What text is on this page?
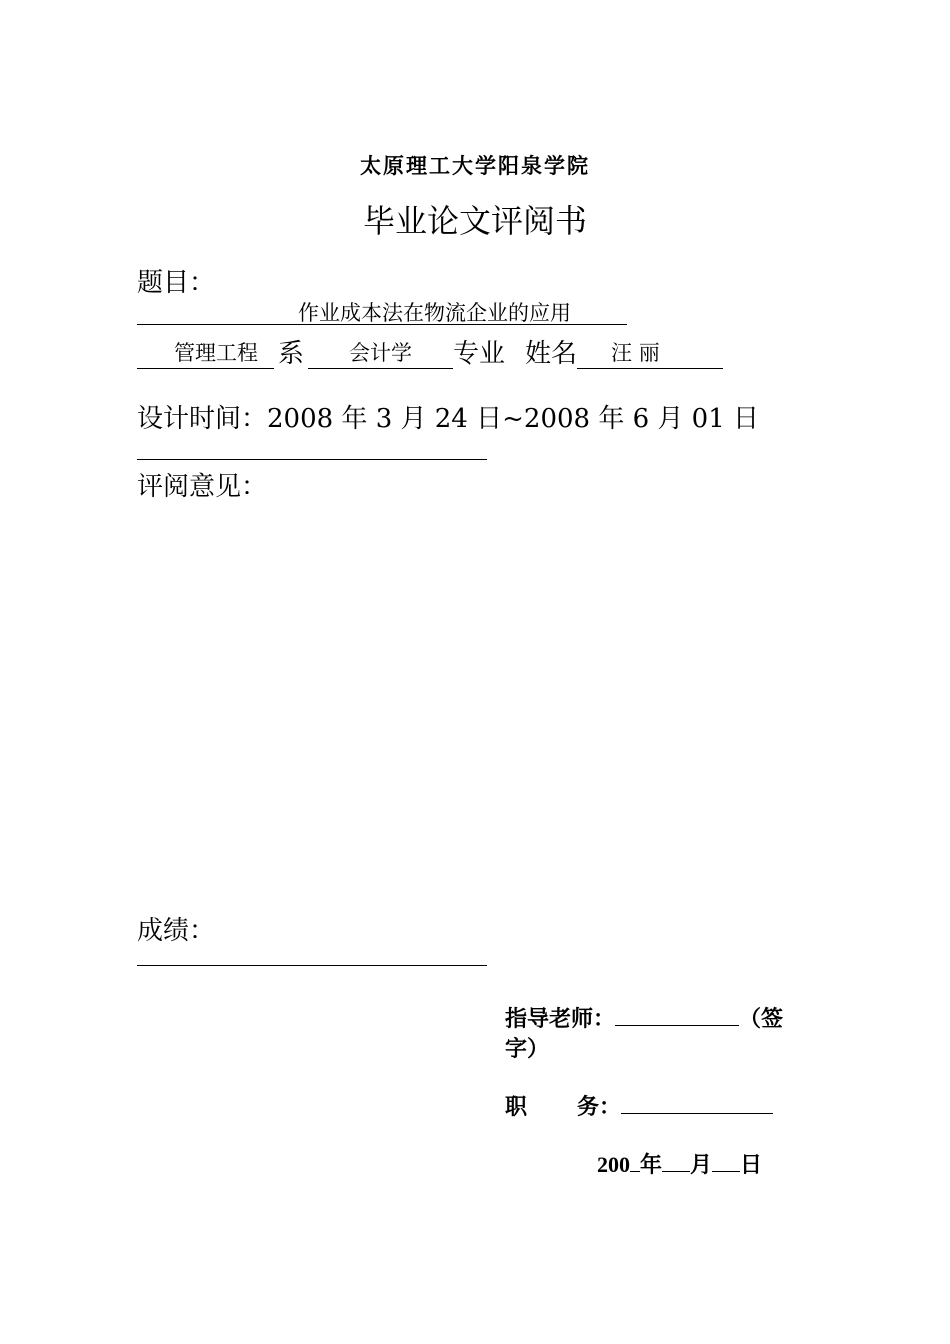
太原理工大学阳泉学院
毕业论文评阅书
题目：
作业成本法在物流企业的应用
管理工程 系 会计学 专业 姓名 汪 丽
设计时间：2008 年 3 月 24 日~2008 年 6 月 01 日
评阅意见：
成绩：
指导老师：	（签
字）
职 务：
200 年 月 日
